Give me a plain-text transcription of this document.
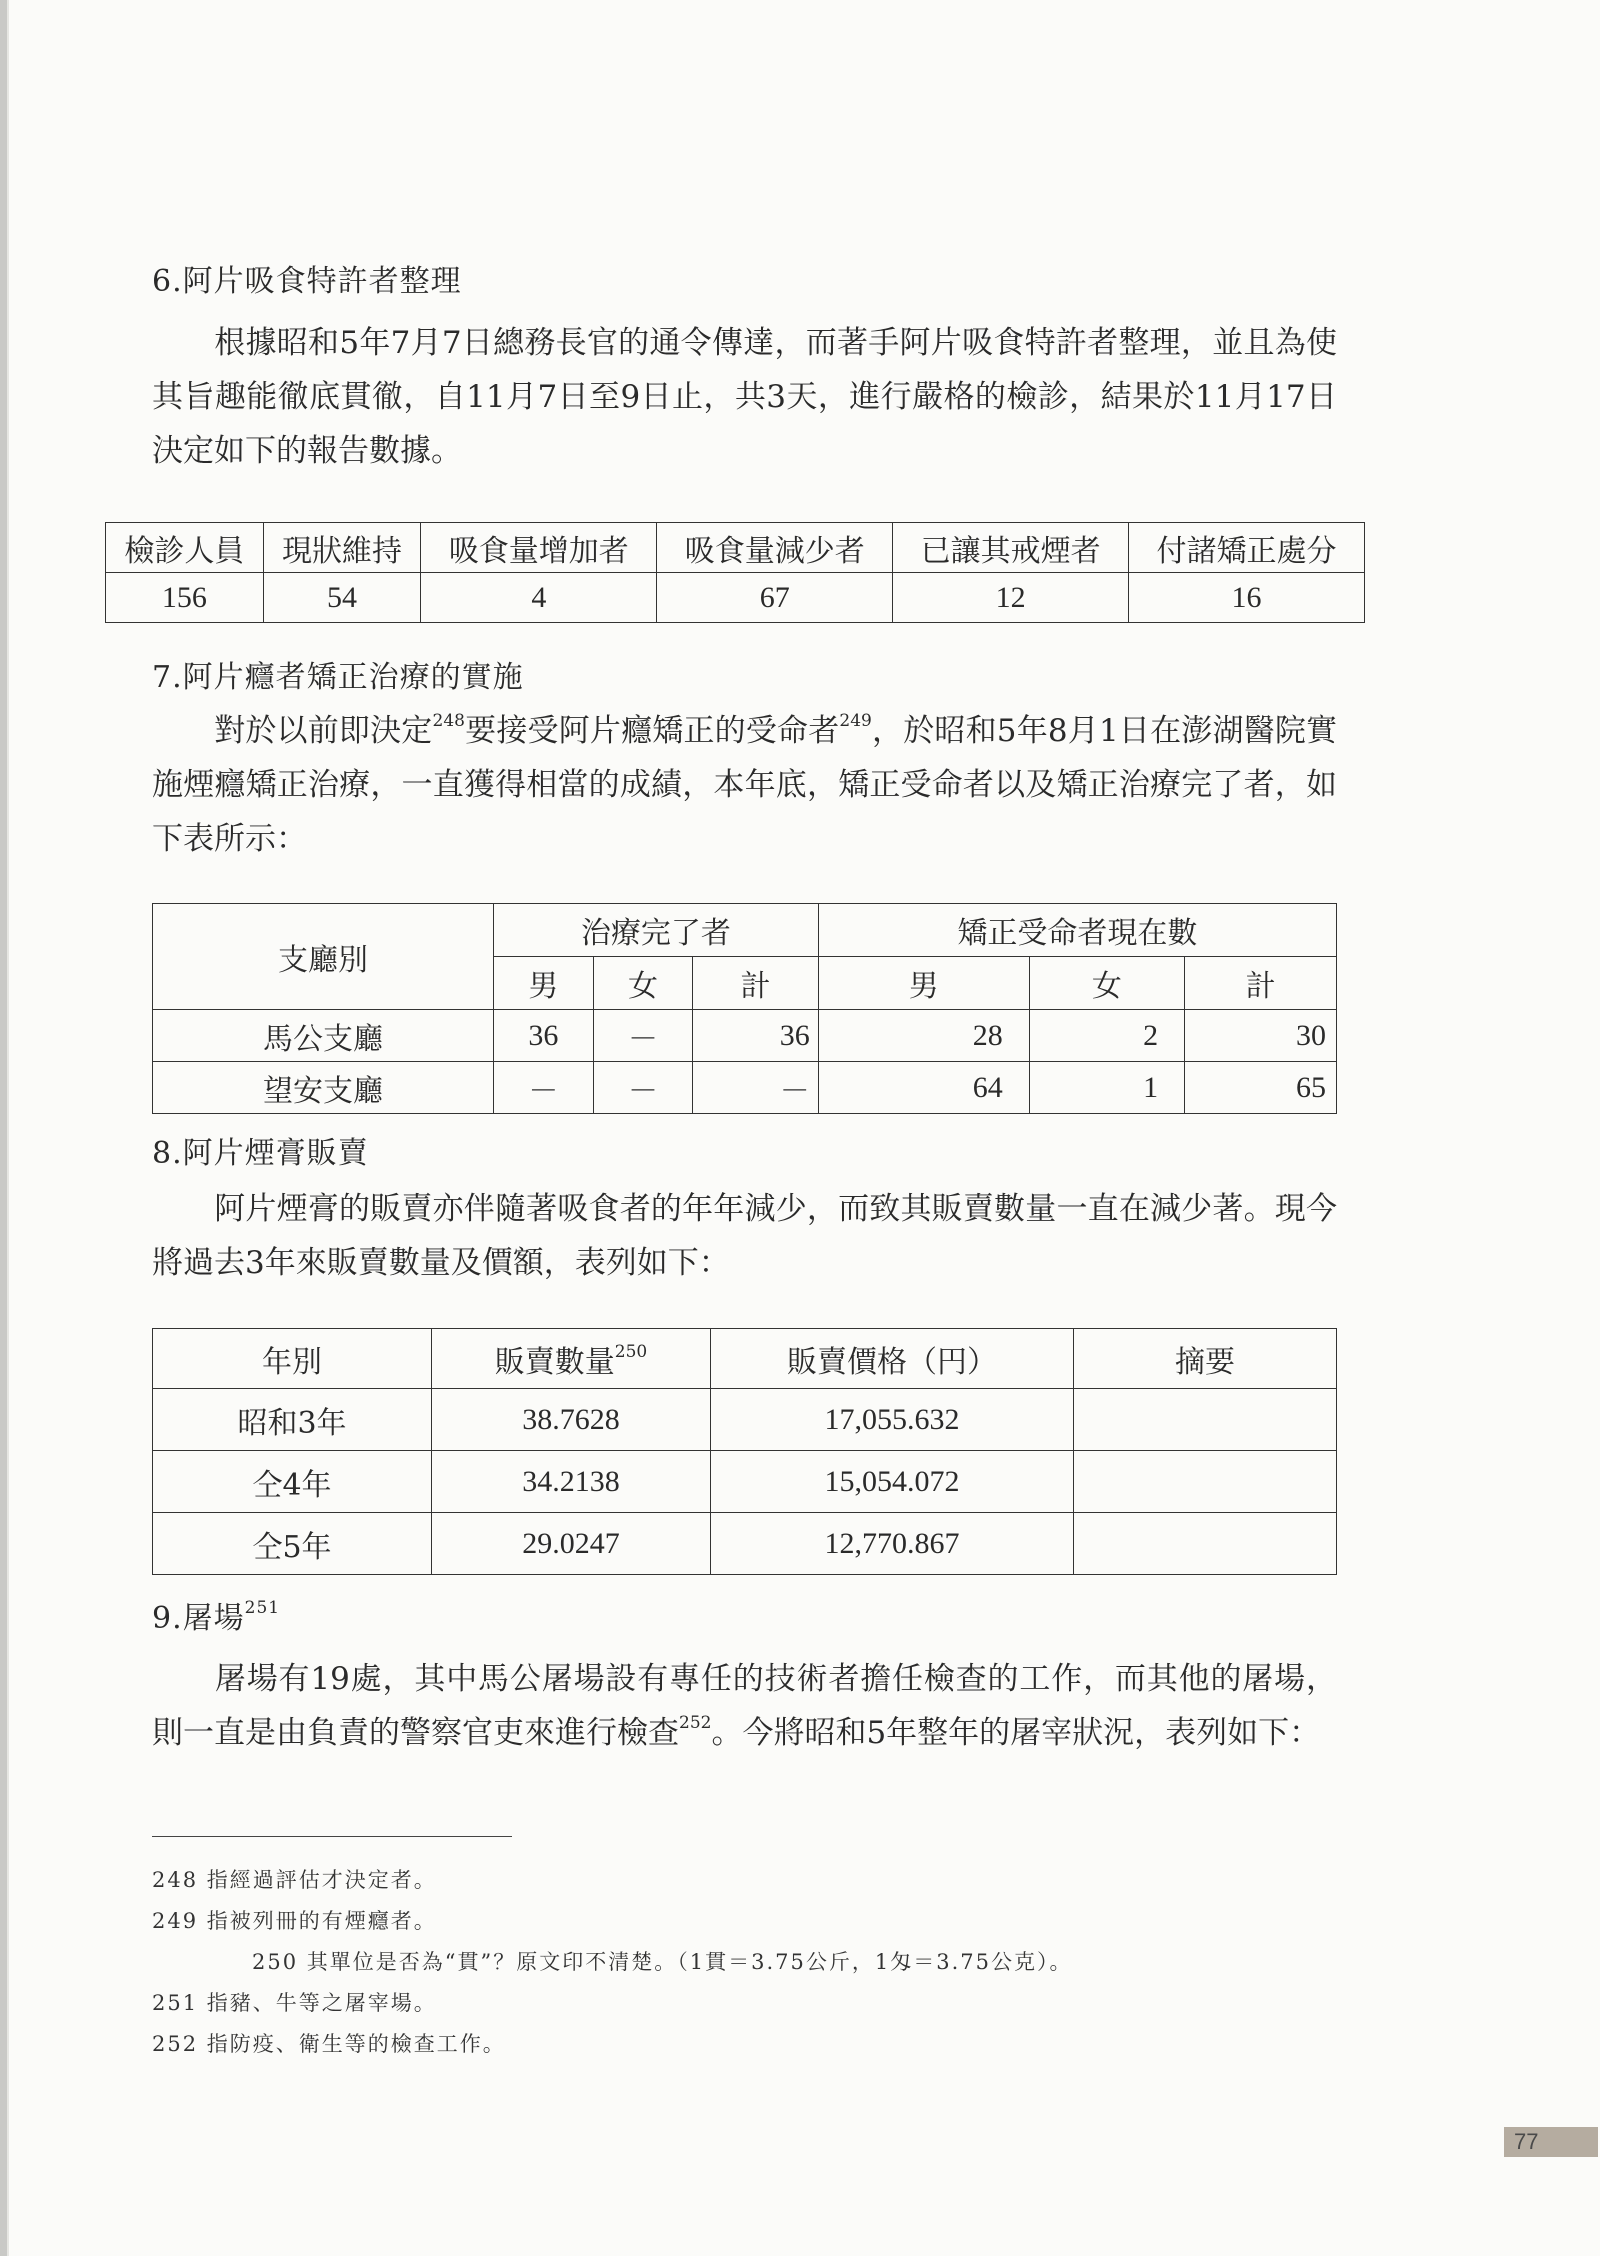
6.阿片吸食特許者整理
根據昭和5年7月7日總務長官的通令傳達，而著手阿片吸食特許者整理，並且為使其旨趣能徹底貫徹，自11月7日至9日止，共3天，進行嚴格的檢診，結果於11月17日決定如下的報告數據。
檢診人員	現狀維持	吸食量增加者	吸食量減少者	已讓其戒煙者	付諸矯正處分
156	54	4	67	12	16
7.阿片癮者矯正治療的實施
對於以前即決定$^{248}$要接受阿片癮矯正的受命者$^{249}$，於昭和5年8月1日在澎湖醫院實施煙癮矯正治療，一直獲得相當的成績，本年底，矯正受命者以及矯正治療完了者，如下表所示：
支廳別	治療完了者			矯正受命者現在數		
	男	女	計	男	女	計
馬公支廳	36	－	36	28	2	30
望安支廳	－	－	－	64	1	65
8.阿片煙膏販賣
阿片煙膏的販賣亦伴隨著吸食者的年年減少，而致其販賣數量一直在減少著。現今將過去3年來販賣數量及價額，表列如下：
年別	販賣數量$^{250}$	販賣價格（円）	摘要
昭和3年	38.7628	17,055.632	
仝4年	34.2138	15,054.072	
仝5年	29.0247	12,770.867	
9.屠場$^{251}$
屠場有19處，其中馬公屠場設有專任的技術者擔任檢查的工作，而其他的屠場，則一直是由負責的警察官吏來進行檢查$^{252}$。今將昭和5年整年的屠宰狀況，表列如下：
248 指經過評估才決定者。
249 指被列冊的有煙癮者。
250 其單位是否為“貫”？原文印不清楚。（1貫＝3.75公斤，1匁＝3.75公克）。
251 指豬、牛等之屠宰場。
252 指防疫、衛生等的檢查工作。
77
